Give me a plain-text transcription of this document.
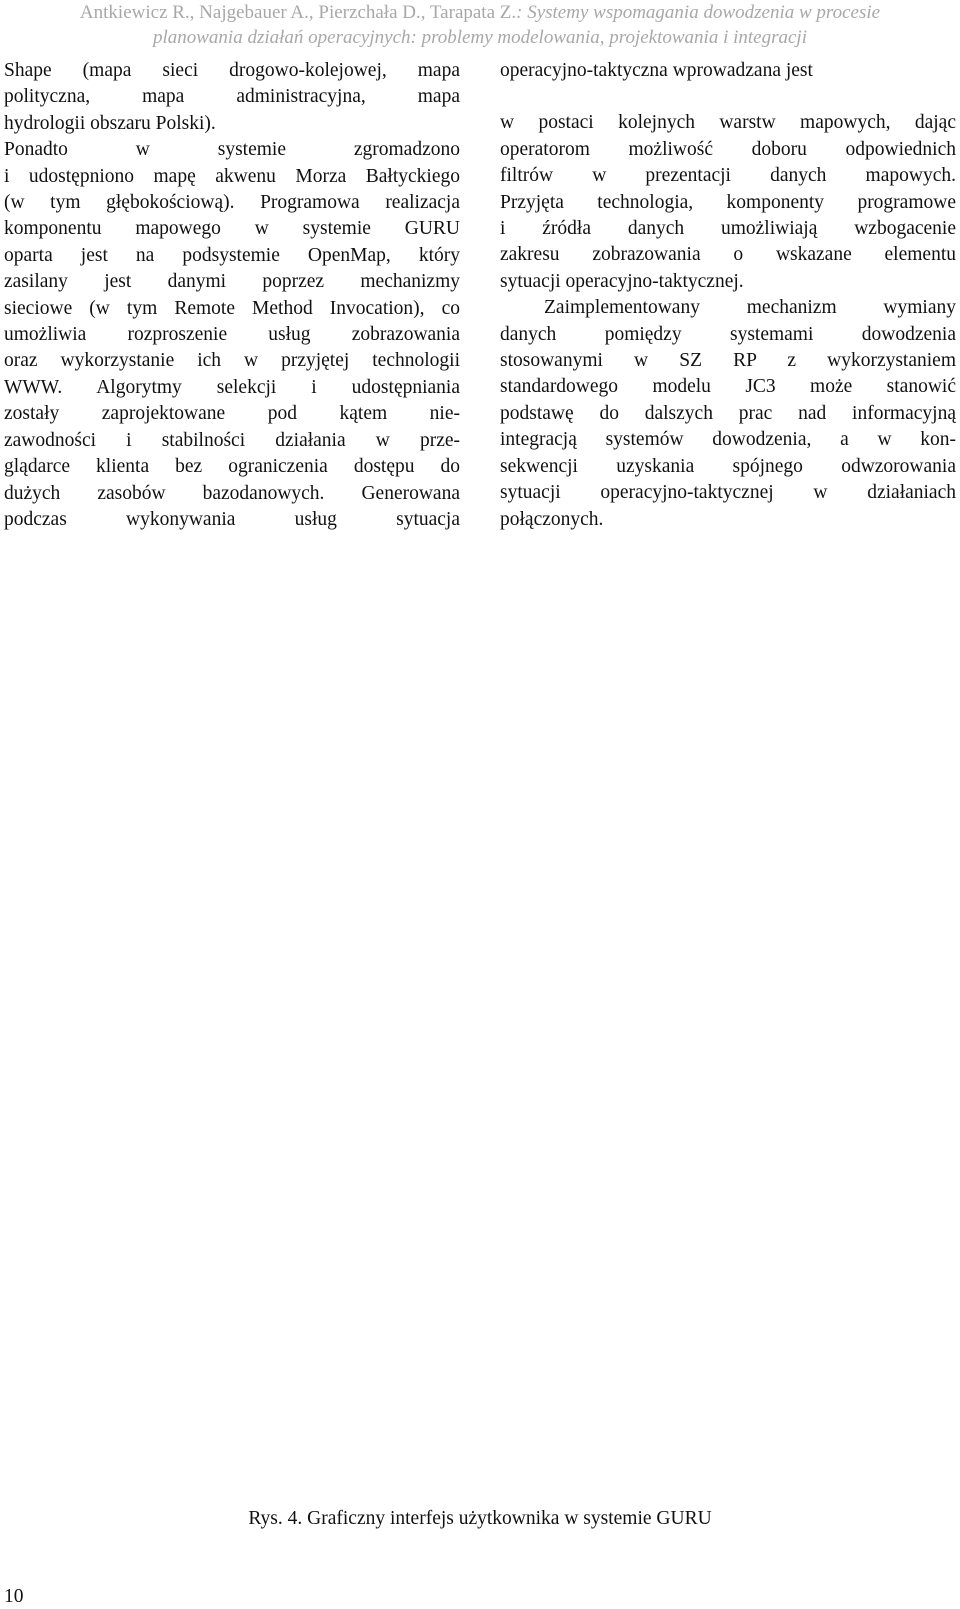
Antkiewicz R., Najgebauer A., Pierzchała D., Tarapata Z.: Systemy wspomagania dowodzenia w procesie
planowania działań operacyjnych: problemy modelowania, projektowania i integracji
Shape (mapa sieci drogowo-kolejowej, mapa
polityczna, mapa administracyjna, mapa
hydrologii obszaru Polski).
Ponadto w systemie zgromadzono
i udostępniono mapę akwenu Morza Bałtyckiego
(w tym głębokościową). Programowa realizacja
komponentu mapowego w systemie GURU
oparta jest na podsystemie OpenMap, który
zasilany jest danymi poprzez mechanizmy
sieciowe (w tym Remote Method Invocation), co
umożliwia rozproszenie usług zobrazowania
oraz wykorzystanie ich w przyjętej technologii
WWW. Algorytmy selekcji i udostępniania
zostały zaprojektowane pod kątem nie-
zawodności i stabilności działania w prze-
glądarce klienta bez ograniczenia dostępu do
dużych zasobów bazodanowych. Generowana
podczas wykonywania usług sytuacja
operacyjno-taktyczna wprowadzana jest
w postaci kolejnych warstw mapowych, dając
operatorom możliwość doboru odpowiednich
filtrów w prezentacji danych mapowych.
Przyjęta technologia, komponenty programowe
i źródła danych umożliwiają wzbogacenie
zakresu zobrazowania o wskazane elementu
sytuacji operacyjno-taktycznej.
Zaimplementowany mechanizm wymiany
danych pomiędzy systemami dowodzenia
stosowanymi w SZ RP z wykorzystaniem
standardowego modelu JC3 może stanowić
podstawę do dalszych prac nad informacyjną
integracją systemów dowodzenia, a w kon-
sekwencji uzyskania spójnego odwzorowania
sytuacji operacyjno-taktycznej w działaniach
połączonych.
Rys. 4. Graficzny interfejs użytkownika w systemie GURU
10
